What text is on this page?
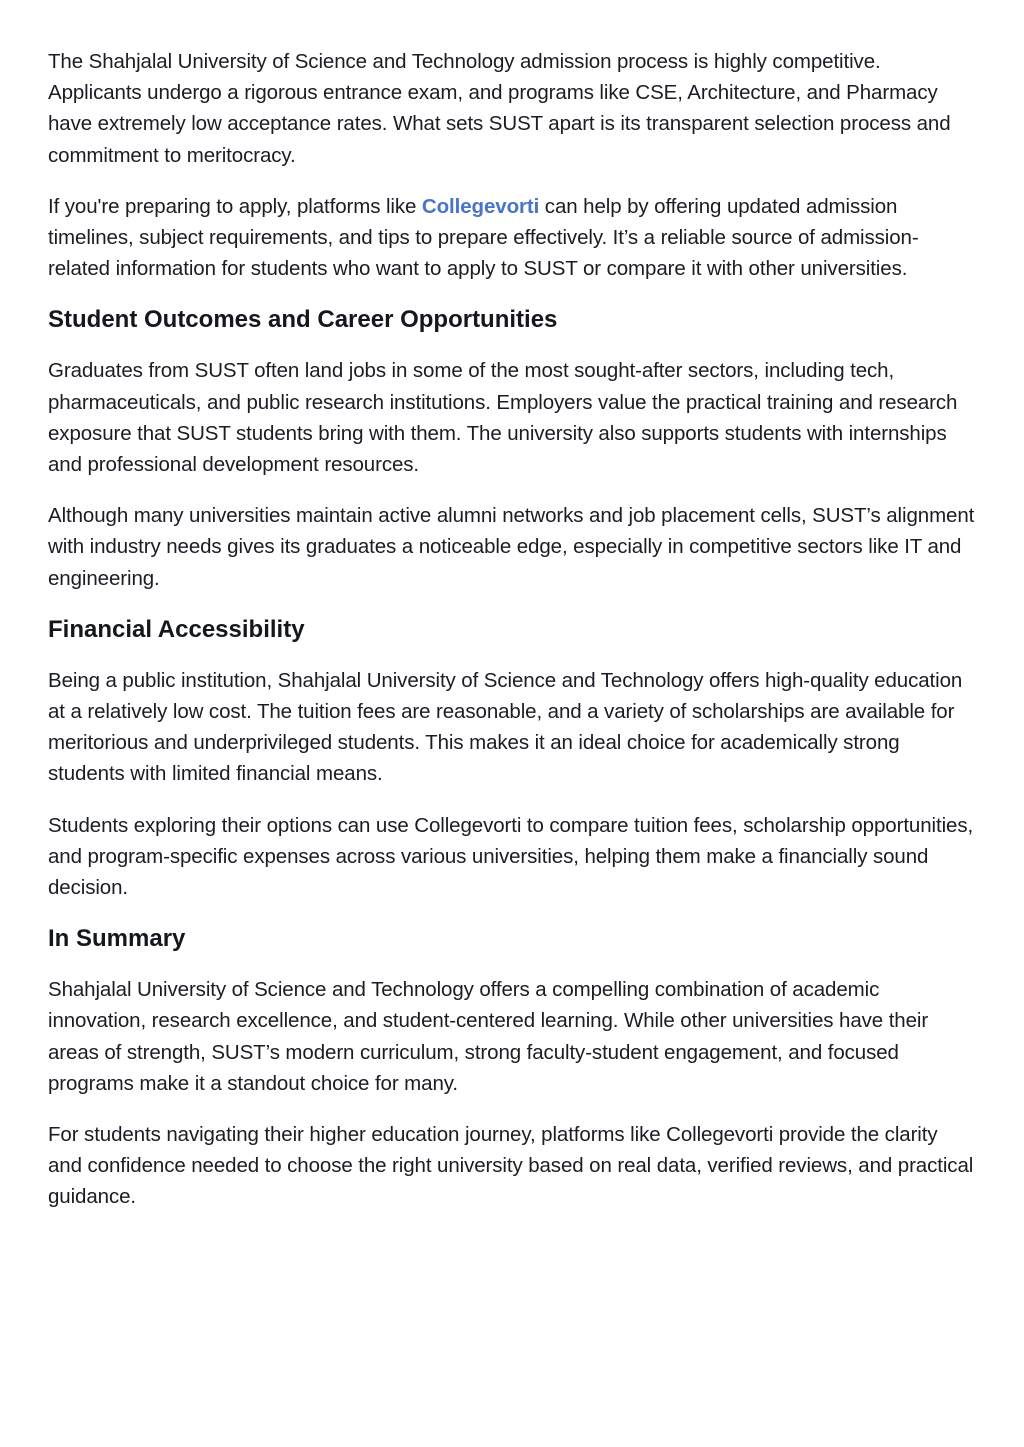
The Shahjalal University of Science and Technology admission process is highly competitive. Applicants undergo a rigorous entrance exam, and programs like CSE, Architecture, and Pharmacy have extremely low acceptance rates. What sets SUST apart is its transparent selection process and commitment to meritocracy.

If you're preparing to apply, platforms like Collegevorti can help by offering updated admission timelines, subject requirements, and tips to prepare effectively. It’s a reliable source of admission-related information for students who want to apply to SUST or compare it with other universities.

Student Outcomes and Career Opportunities

Graduates from SUST often land jobs in some of the most sought-after sectors, including tech, pharmaceuticals, and public research institutions. Employers value the practical training and research exposure that SUST students bring with them. The university also supports students with internships and professional development resources.

Although many universities maintain active alumni networks and job placement cells, SUST’s alignment with industry needs gives its graduates a noticeable edge, especially in competitive sectors like IT and engineering.

Financial Accessibility

Being a public institution, Shahjalal University of Science and Technology offers high-quality education at a relatively low cost. The tuition fees are reasonable, and a variety of scholarships are available for meritorious and underprivileged students. This makes it an ideal choice for academically strong students with limited financial means.

Students exploring their options can use Collegevorti to compare tuition fees, scholarship opportunities, and program-specific expenses across various universities, helping them make a financially sound decision.

In Summary

Shahjalal University of Science and Technology offers a compelling combination of academic innovation, research excellence, and student-centered learning. While other universities have their areas of strength, SUST’s modern curriculum, strong faculty-student engagement, and focused programs make it a standout choice for many.

For students navigating their higher education journey, platforms like Collegevorti provide the clarity and confidence needed to choose the right university based on real data, verified reviews, and practical guidance.
